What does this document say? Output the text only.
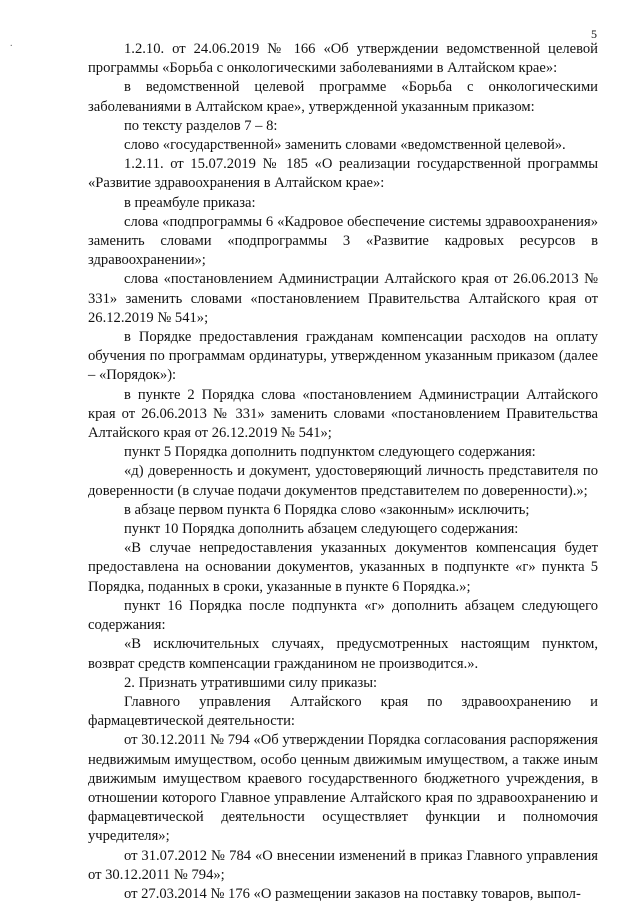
.
5

1.2.10. от 24.06.2019 № 166 «Об утверждении ведомственной целевой программы «Борьба с онкологическими заболеваниями в Алтайском крае»:

в ведомственной целевой программе «Борьба с онкологическими заболеваниями в Алтайском крае», утвержденной указанным приказом:

по тексту разделов 7 – 8:

слово «государственной» заменить словами «ведомственной целевой».

1.2.11. от 15.07.2019 № 185 «О реализации государственной программы «Развитие здравоохранения в Алтайском крае»:

в преамбуле приказа:

слова «подпрограммы 6 «Кадровое обеспечение системы здравоохранения» заменить словами «подпрограммы 3 «Развитие кадровых ресурсов в здравоохранении»;

слова «постановлением Администрации Алтайского края от 26.06.2013 № 331» заменить словами «постановлением Правительства Алтайского края от 26.12.2019 № 541»;

в Порядке предоставления гражданам компенсации расходов на оплату обучения по программам ординатуры, утвержденном указанным приказом (далее – «Порядок»):

в пункте 2 Порядка слова «постановлением Администрации Алтайского края от 26.06.2013 № 331» заменить словами «постановлением Правительства Алтайского края от 26.12.2019 № 541»;

пункт 5 Порядка дополнить подпунктом следующего содержания:

«д) доверенность и документ, удостоверяющий личность представителя по доверенности (в случае подачи документов представителем по доверенности).»;

в абзаце первом пункта 6 Порядка слово «законным» исключить;

пункт 10 Порядка дополнить абзацем следующего содержания:

«В случае непредоставления указанных документов компенсация будет предоставлена на основании документов, указанных в подпункте «г» пункта 5 Порядка, поданных в сроки, указанные в пункте 6 Порядка.»;

пункт 16 Порядка после подпункта «г» дополнить абзацем следующего содержания:

«В исключительных случаях, предусмотренных настоящим пунктом, возврат средств компенсации гражданином не производится.».

2. Признать утратившими силу приказы:

Главного управления Алтайского края по здравоохранению и фармацевтической деятельности:

от 30.12.2011 № 794 «Об утверждении Порядка согласования распоряжения недвижимым имуществом, особо ценным движимым имуществом, а также иным движимым имуществом краевого государственного бюджетного учреждения, в отношении которого Главное управление Алтайского края по здравоохранению и фармацевтической деятельности осуществляет функции и полномочия учредителя»;

от 31.07.2012 № 784 «О внесении изменений в приказ Главного управления от 30.12.2011 № 794»;

от 27.03.2014 № 176 «О размещении заказов на поставку товаров, выпол-
